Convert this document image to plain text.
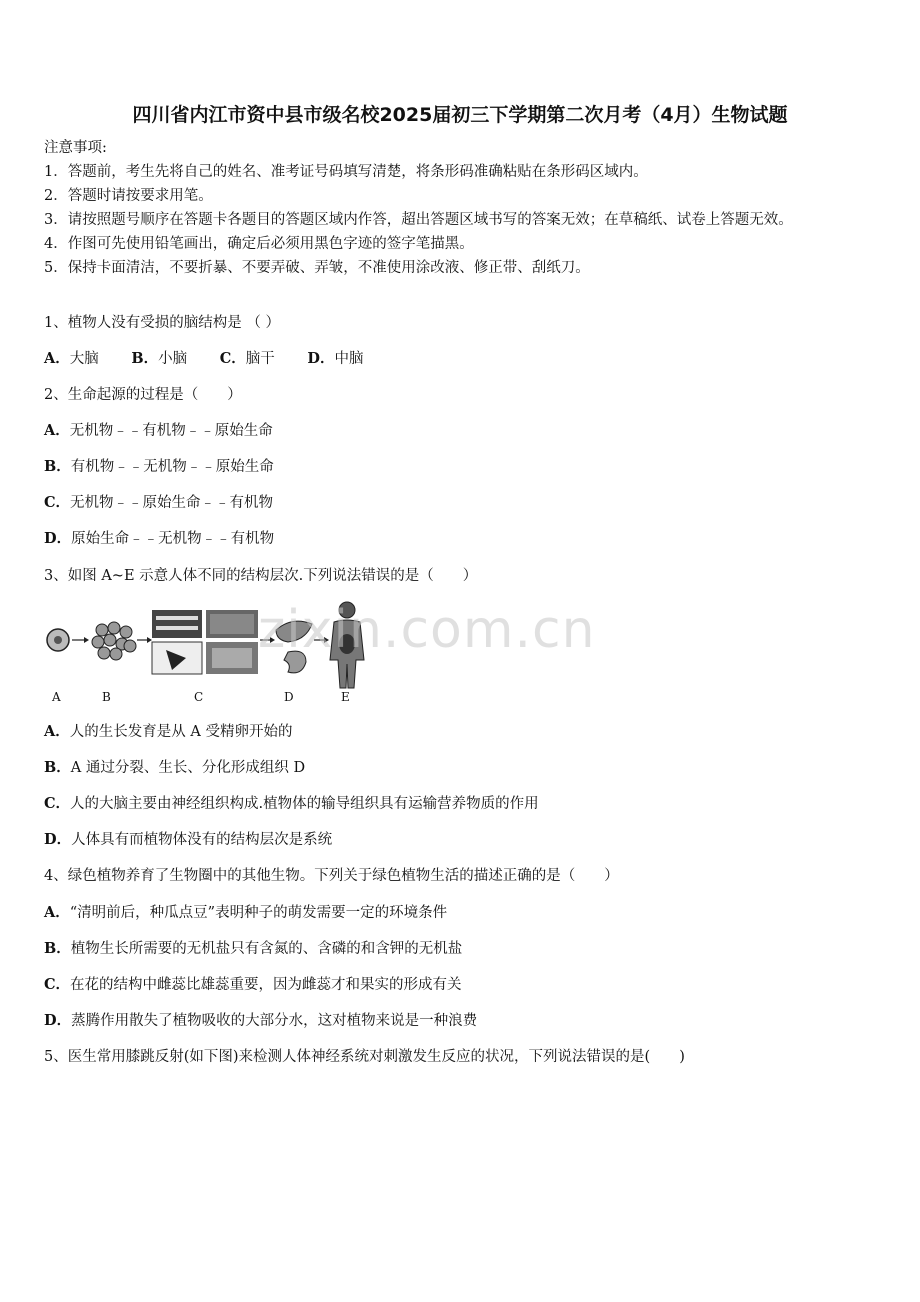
四川省内江市资中县市级名校2025届初三下学期第二次月考（4月）生物试题
注意事项:
1．答题前，考生先将自己的姓名、准考证号码填写清楚，将条形码准确粘贴在条形码区域内。
2．答题时请按要求用笔。
3．请按照题号顺序在答题卡各题目的答题区域内作答，超出答题区域书写的答案无效；在草稿纸、试卷上答题无效。
4．作图可先使用铅笔画出，确定后必须用黑色字迹的签字笔描黑。
5．保持卡面清洁，不要折暴、不要弄破、弄皱，不准使用涂改液、修正带、刮纸刀。
1、植物人没有受损的脑结构是 （ ）
A．大脑 B．小脑 C．脑干 D．中脑
2、生命起源的过程是（　　）
A．无机物﹣﹣有机物﹣﹣原始生命
B．有机物﹣﹣无机物﹣﹣原始生命
C．无机物﹣﹣原始生命﹣﹣有机物
D．原始生命﹣﹣无机物﹣﹣有机物
3、如图 A~E 示意人体不同的结构层次.下列说法错误的是（　　）
A	B	C	D	E
zixin.com.cn
A．人的生长发育是从 A 受精卵开始的
B．A 通过分裂、生长、分化形成组织 D
C．人的大脑主要由神经组织构成.植物体的输导组织具有运输营养物质的作用
D．人体具有而植物体没有的结构层次是系统
4、绿色植物养育了生物圈中的其他生物。下列关于绿色植物生活的描述正确的是（　　）
A．“清明前后，种瓜点豆”表明种子的萌发需要一定的环境条件
B．植物生长所需要的无机盐只有含氮的、含磷的和含钾的无机盐
C．在花的结构中雌蕊比雄蕊重要，因为雌蕊才和果实的形成有关
D．蒸腾作用散失了植物吸收的大部分水，这对植物来说是一种浪费
5、医生常用膝跳反射(如下图)来检测人体神经系统对刺激发生反应的状况，下列说法错误的是(　　)
